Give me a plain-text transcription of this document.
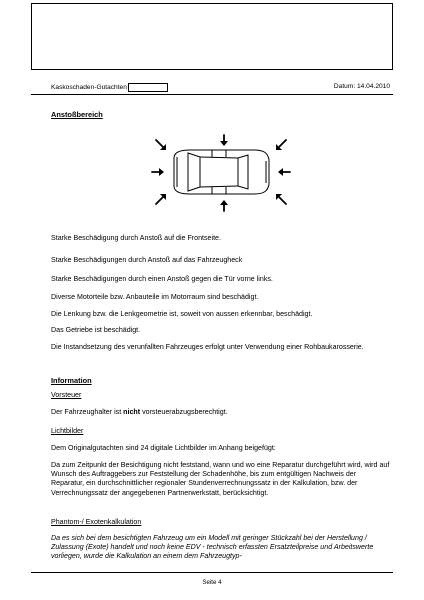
Kaskoschaden-Gutachten	Datum: 14.04.2010
Anstoßbereich
Starke Beschädigung durch Anstoß auf die Frontseite.
Starke Beschädigungen durch Anstoß auf das Fahrzeugheck
Starke Beschädigungen durch einen Anstoß gegen die Tür vorne links.
Diverse Motorteile bzw. Anbauteile im Motorraum sind beschädigt.
Die Lenkung bzw. die Lenkgeometrie ist, soweit von aussen erkennbar, beschädigt.
Das Getriebe ist beschädigt.
Die Instandsetzung des verunfallten Fahrzeuges erfolgt unter Verwendung einer Rohbaukarosserie.
Information
Vorsteuer
Der Fahrzeughalter ist nicht vorsteuerabzugsberechtigt.
Lichtbilder
Dem Originalgutachten sind 24 digitale Lichtbilder im Anhang beigefügt:
Da zum Zeitpunkt der Besichtigung nicht feststand, wann und wo eine Reparatur durchgeführt wird, wird auf Wunsch des Auftraggebers zur Feststellung der Schadenhöhe, bis zum entgültigen Nachweis der Reparatur, ein durchschnittlicher regionaler Stundenverrechnungssatz in der Kalkulation, bzw. der Verrechnungssatz der angegebenen Partnerwerkstatt, berücksichtigt.
Phantom-/ Exotenkalkulation
Da es sich bei dem besichtigten Fahrzeug um ein Modell mit geringer Stückzahl bei der Herstellung / Zulassung (Exote) handelt und noch keine EDV - technisch erfassten Ersatzteilpreise und Arbeitswerte vorliegen, wurde die Kalkulation an einem dem Fahrzeugtyp-
Seite 4
